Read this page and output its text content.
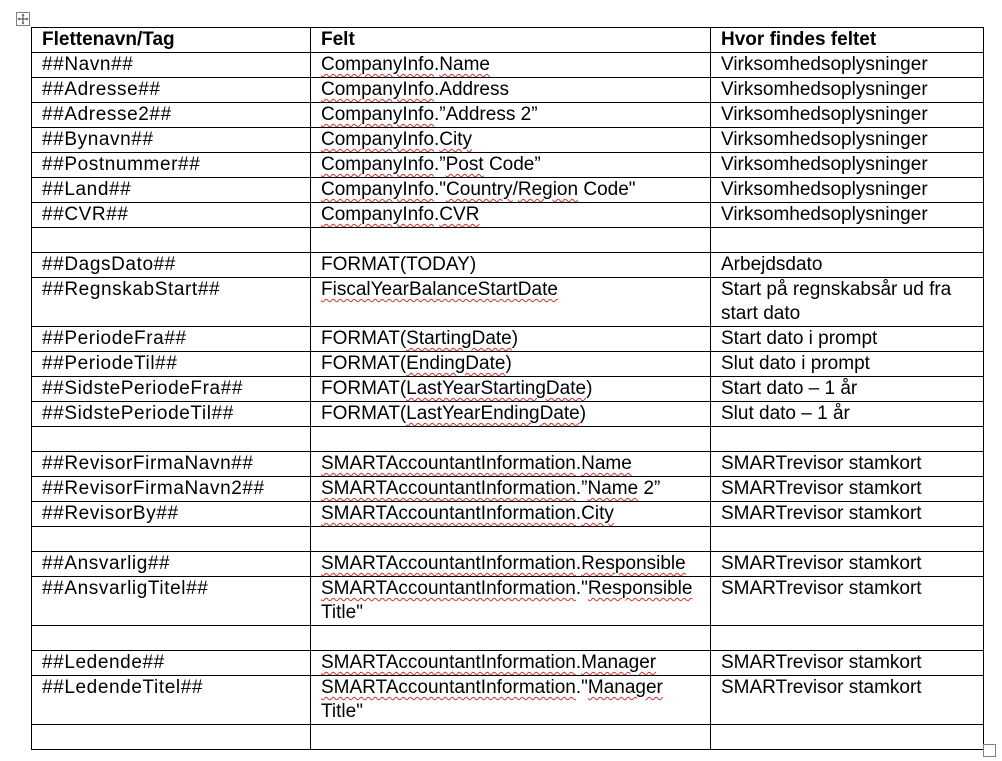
Flettenavn/Tag	Felt	Hvor findes feltet
##Navn##	CompanyInfo.Name	Virksomhedsoplysninger
##Adresse##	CompanyInfo.Address	Virksomhedsoplysninger
##Adresse2##	CompanyInfo.”Address 2”	Virksomhedsoplysninger
##Bynavn##	CompanyInfo.City	Virksomhedsoplysninger
##Postnummer##	CompanyInfo.”Post Code”	Virksomhedsoplysninger
##Land##	CompanyInfo."Country/Region Code"	Virksomhedsoplysninger
##CVR##	CompanyInfo.CVR	Virksomhedsoplysninger

##DagsDato##	FORMAT(TODAY)	Arbejdsdato
##RegnskabStart##	FiscalYearBalanceStartDate	Start på regnskabsår ud fra start dato
##PeriodeFra##	FORMAT(StartingDate)	Start dato i prompt
##PeriodeTil##	FORMAT(EndingDate)	Slut dato i prompt
##SidstePeriodeFra##	FORMAT(LastYearStartingDate)	Start dato – 1 år
##SidstePeriodeTil##	FORMAT(LastYearEndingDate)	Slut dato – 1 år

##RevisorFirmaNavn##	SMARTAccountantInformation.Name	SMARTrevisor stamkort
##RevisorFirmaNavn2##	SMARTAccountantInformation.”Name 2”	SMARTrevisor stamkort
##RevisorBy##	SMARTAccountantInformation.City	SMARTrevisor stamkort

##Ansvarlig##	SMARTAccountantInformation.Responsible	SMARTrevisor stamkort
##AnsvarligTitel##	SMARTAccountantInformation."Responsible Title"	SMARTrevisor stamkort

##Ledende##	SMARTAccountantInformation.Manager	SMARTrevisor stamkort
##LedendeTitel##	SMARTAccountantInformation."Manager Title"	SMARTrevisor stamkort
